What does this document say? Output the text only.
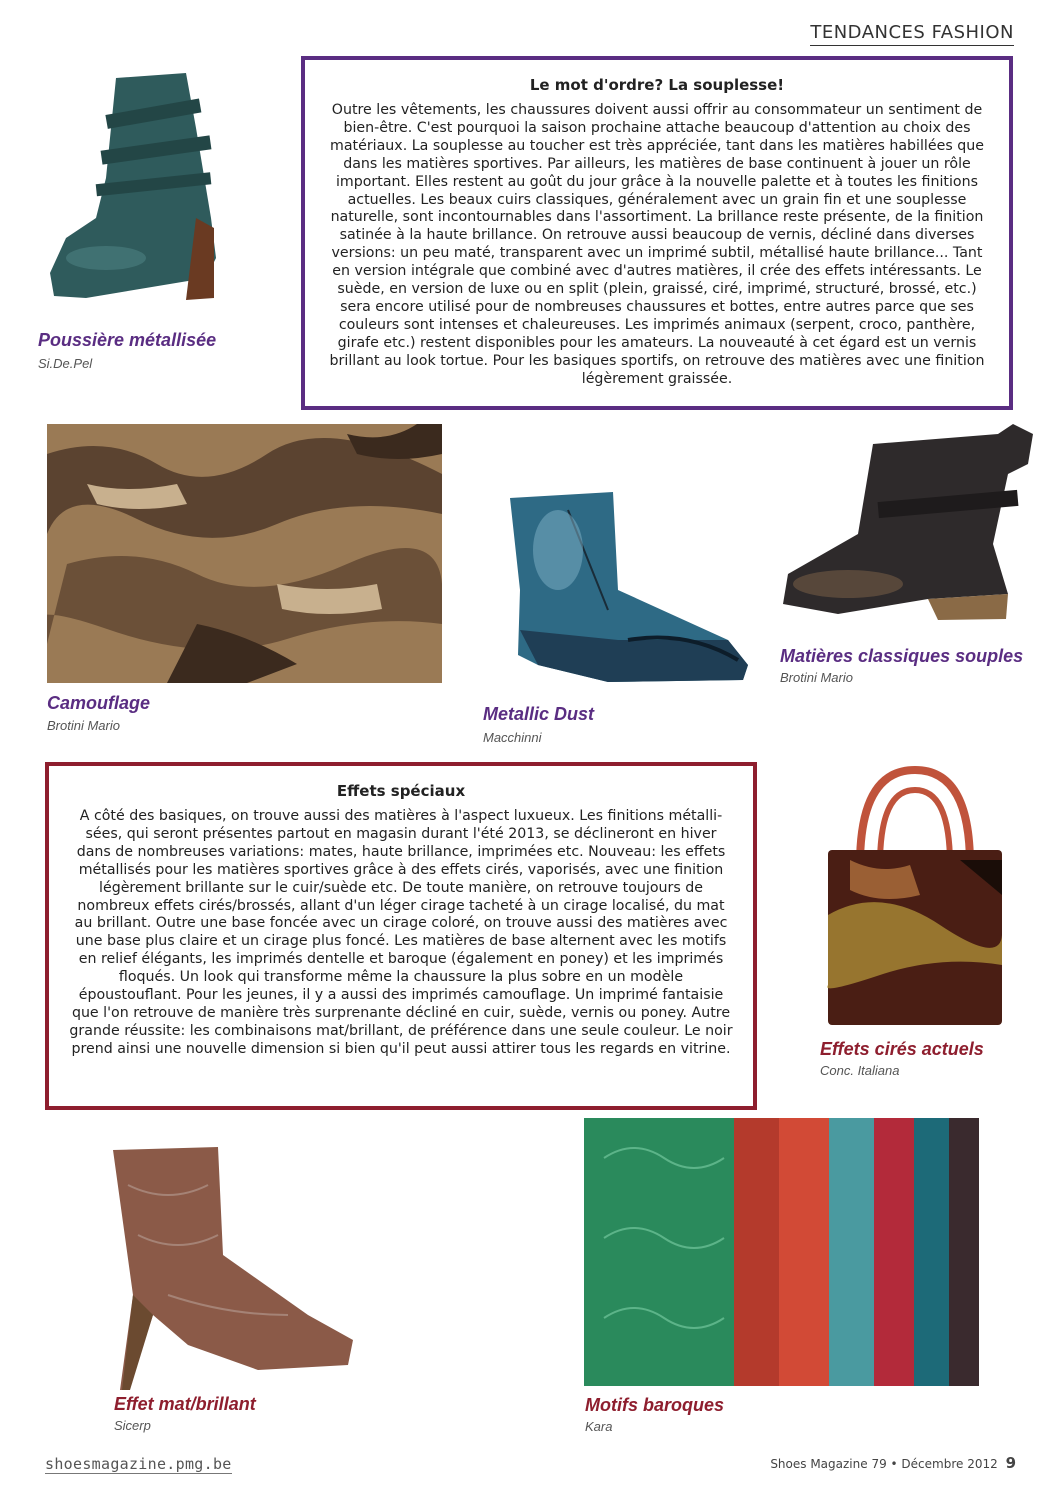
TENDANCES FASHION
Poussière métallisée
Si.De.Pel
Le mot d'ordre? La souplesse!

Outre les vêtements, les chaussures doivent aussi offrir au consommateur un sentiment de bien-être. C'est pourquoi la saison prochaine attache beaucoup d'attention au choix des matériaux. La souplesse au toucher est très appréciée, tant dans les matières habillées que dans les matières sportives. Par ailleurs, les matières de base continuent à jouer un rôle important. Elles restent au goût du jour grâce à la nouvelle palette et à toutes les finitions actuelles. Les beaux cuirs classiques, généralement avec un grain fin et une souplesse naturelle, sont incontournables dans l'assortiment. La brillance reste présente, de la finition satinée à la haute brillance. On retrouve aussi beaucoup de vernis, décliné dans diverses versions: un peu maté, transparent avec un imprimé subtil, métallisé haute brillance... Tant en version intégrale que combiné avec d'autres matières, il crée des effets intéressants. Le suède, en version de luxe ou en split (plein, graissé, ciré, imprimé, structuré, brossé, etc.) sera encore utilisé pour de nombreuses chaussures et bottes, entre autres parce que ses couleurs sont intenses et chaleureuses. Les imprimés animaux (serpent, croco, panthère, girafe etc.) restent disponibles pour les amateurs. La nouveauté à cet égard est un vernis brillant au look tortue. Pour les basiques sportifs, on retrouve des matières avec une finition légèrement graissée.

Camouflage
Brotini Mario
Metallic Dust
Macchinni
Matières classiques souples
Brotini Mario
Effets spéciaux

A côté des basiques, on trouve aussi des matières à l'aspect luxueux. Les finitions métalli-sées, qui seront présentes partout en magasin durant l'été 2013, se déclineront en hiver dans de nombreuses variations: mates, haute brillance, imprimées etc. Nouveau: les effets métallisés pour les matières sportives grâce à des effets cirés, vaporisés, avec une finition légèrement brillante sur le cuir/suède etc. De toute manière, on retrouve toujours de nombreux effets cirés/brossés, allant d'un léger cirage tacheté à un cirage localisé, du mat au brillant. Outre une base foncée avec un cirage coloré, on trouve aussi des matières avec une base plus claire et un cirage plus foncé. Les matières de base alternent avec les motifs en relief élégants, les imprimés dentelle et baroque (également en poney) et les imprimés floqués. Un look qui transforme même la chaussure la plus sobre en un modèle époustouflant. Pour les jeunes, il y a aussi des imprimés camouflage. Un imprimé fantaisie que l'on retrouve de manière très surprenante décliné en cuir, suède, vernis ou poney. Autre grande réussite: les combinaisons mat/brillant, de préférence dans une seule couleur. Le noir prend ainsi une nouvelle dimension si bien qu'il peut aussi attirer tous les regards en vitrine.	Effets cirés actuels
Conc. Italiana
Effet mat/brillant
Sicerp
Motifs baroques
Kara
shoesmagazine.pmg.be	Shoes Magazine 79 • Décembre 2012 9
